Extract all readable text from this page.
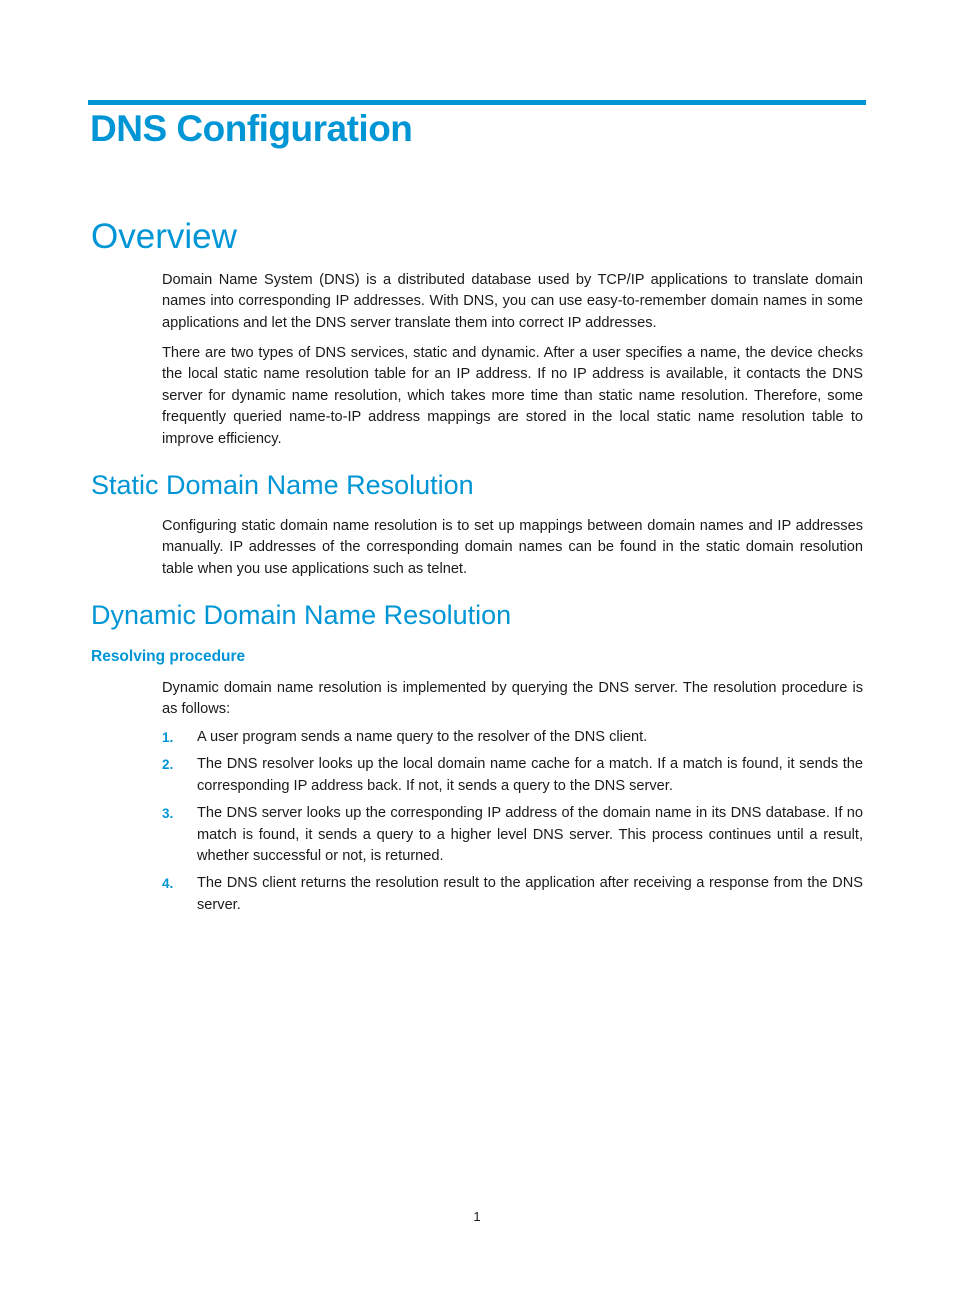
DNS Configuration
Overview

Domain Name System (DNS) is a distributed database used by TCP/IP applications to translate domain names into corresponding IP addresses. With DNS, you can use easy-to-remember domain names in some applications and let the DNS server translate them into correct IP addresses.

There are two types of DNS services, static and dynamic. After a user specifies a name, the device checks the local static name resolution table for an IP address. If no IP address is available, it contacts the DNS server for dynamic name resolution, which takes more time than static name resolution. Therefore, some frequently queried name-to-IP address mappings are stored in the local static name resolution table to improve efficiency.

Static Domain Name Resolution

Configuring static domain name resolution is to set up mappings between domain names and IP addresses manually. IP addresses of the corresponding domain names can be found in the static domain resolution table when you use applications such as telnet.

Dynamic Domain Name Resolution
Resolving procedure

Dynamic domain name resolution is implemented by querying the DNS server. The resolution procedure is as follows:

1. A user program sends a name query to the resolver of the DNS client.
2. The DNS resolver looks up the local domain name cache for a match. If a match is found, it sends the corresponding IP address back. If not, it sends a query to the DNS server.
3. The DNS server looks up the corresponding IP address of the domain name in its DNS database. If no match is found, it sends a query to a higher level DNS server. This process continues until a result, whether successful or not, is returned.
4. The DNS client returns the resolution result to the application after receiving a response from the DNS server.
1
